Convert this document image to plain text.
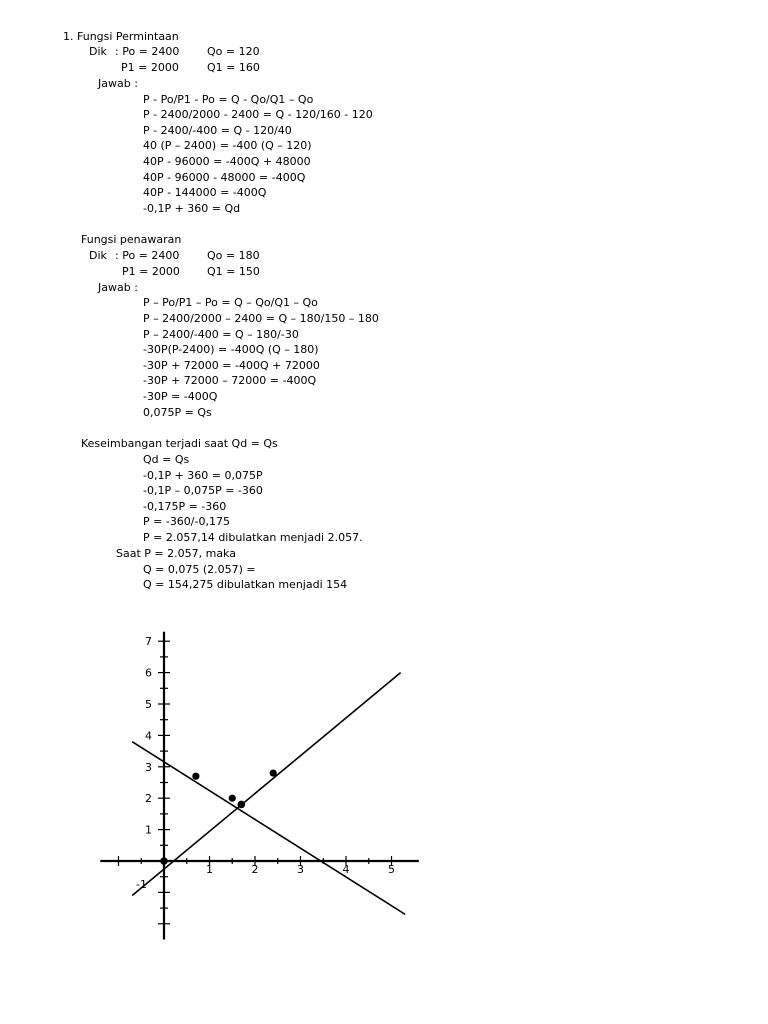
1. Fungsi Permintaan
Dik : Po = 2400	Qo = 120
P1 = 2000	Q1 = 160
Jawab :
P - Po/P1 - Po = Q - Qo/Q1 – Qo
P - 2400/2000 - 2400 = Q - 120/160 - 120
P - 2400/-400 = Q - 120/40
40 (P – 2400) = -400 (Q – 120)
40P - 96000 = -400Q + 48000
40P - 96000 - 48000 = -400Q
40P - 144000 = -400Q
-0,1P + 360 = Qd
Fungsi penawaran
Dik : Po = 2400	Qo = 180
P1 = 2000 Q1 = 150
Jawab :
P – Po/P1 – Po = Q – Qo/Q1 – Qo
P – 2400/2000 – 2400 = Q – 180/150 – 180
P – 2400/-400 = Q – 180/-30
-30P(P-2400) = -400Q (Q – 180)
-30P + 72000 = -400Q + 72000
-30P + 72000 – 72000 = -400Q
-30P = -400Q
0,075P = Qs
Keseimbangan terjadi saat Qd = Qs
Qd = Qs
-0,1P + 360 = 0,075P
-0,1P – 0,075P = -360
-0,175P = -360
P = -360/-0,175
P = 2.057,14 dibulatkan menjadi 2.057.
Saat P = 2.057, maka
Q = 0,075 (2.057) =
Q = 154,275 dibulatkan menjadi 154
1	2	3	4	5
-1
1
2
3
4
5
6
7
